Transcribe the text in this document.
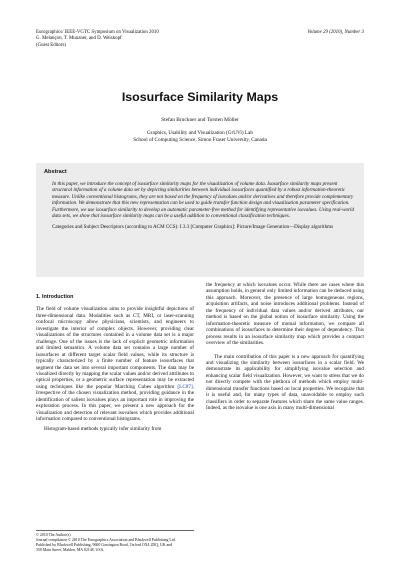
Eurographics/ IEEE-VGTC Symposium on Visualization 2010
G. Melançon, T. Munzner, and D. Weiskopf
(Guest Editors)
Volume 29 (2010), Number 3
Isosurface Similarity Maps
Stefan Bruckner and Torsten Möller
Graphics, Usability and Visualization (GrUVi) Lab
School of Computing Science, Simon Fraser University, Canada

Abstract

In this paper, we introduce the concept of isosurface similarity maps for the visualization of volume data. Isosurface similarity maps present structural information of a volume data set by depicting similarities between individual isosurfaces quantified by a robust information-theoretic measure. Unlike conventional histograms, they are not based on the frequency of isovalues and/or derivatives and therefore provide complementary information. We demonstrate that this new representation can be used to guide transfer function design and visualization parameter specification. Furthermore, we use isosurface similarity to develop an automatic parameter-free method for identifying representative isovalues. Using real-world data sets, we show that isosurface similarity maps can be a useful addition to conventional classification techniques.

Categories and Subject Descriptors (according to ACM CCS): I.3.3 [Computer Graphics]: Picture/Image Generation—Display algorithms

1. Introduction

The field of volume visualization aims to provide insightful depictions of three-dimensional data. Modalities such as CT, MRI, or laser-scanning confocal microscopy allow physicians, scientists, and engineers to investigate the interior of complex objects. However, providing clear visualizations of the structures contained in a volume data set is a major challenge. One of the issues is the lack of explicit geometric information and limited semantics. A volume data set contains a large number of isosurfaces at different target scalar field values, while its structure is typically characterized by a finite number of feature isosurfaces that segment the data set into several important components. The data may be visualized directly by mapping the scalar values and/or derived attributes to optical properties, or a geometric surface representation may be extracted using techniques like the popular Marching Cubes algorithm [LC87]. Irrespective of the chosen visualization method, providing guidance in the identification of salient isovalues plays an important role in improving the exploration process. In this paper, we present a new approach for the visualization and detection of relevant isovalues which provides additional information compared to conventional histograms.

Histogram-based methods typically infer similarity from

the frequency at which isovalues occur. While there are cases where this assumption holds, in general only limited information can be deduced using this approach. Moreover, the presence of large homogeneous regions, acquisition artifacts, and noise introduces additional problems. Instead of the frequency of individual data values and/or derived attributes, our method is based on the global notion of isosurface similarity. Using the information-theoretic measure of mutual information, we compare all combinations of isosurfaces to determine their degree of dependency. This process results in an isosurface similarity map which provides a compact overview of the similarities.

The main contribution of this paper is a new approach for quantifying and visualizing the similarity between isosurfaces in a scalar field. We demonstrate its applicability for simplifying isovalue selection and enhancing scalar field visualization. However, we want to stress that we do not directly compete with the plethora of methods which employ multi-dimensional transfer functions based on local properties. We recognize that it is useful and, for many types of data, unavoidable to employ such classifiers in order to separate features which share the same value ranges. Indeed, as the isovalue is one axis in many multi-dimensional

© 2010 The Author(s)
Journal compilation © 2010 The Eurographics Association and Blackwell Publishing Ltd.
Published by Blackwell Publishing, 9600 Garsington Road, Oxford OX4 2DQ, UK and
350 Main Street, Malden, MA 02148, USA.
